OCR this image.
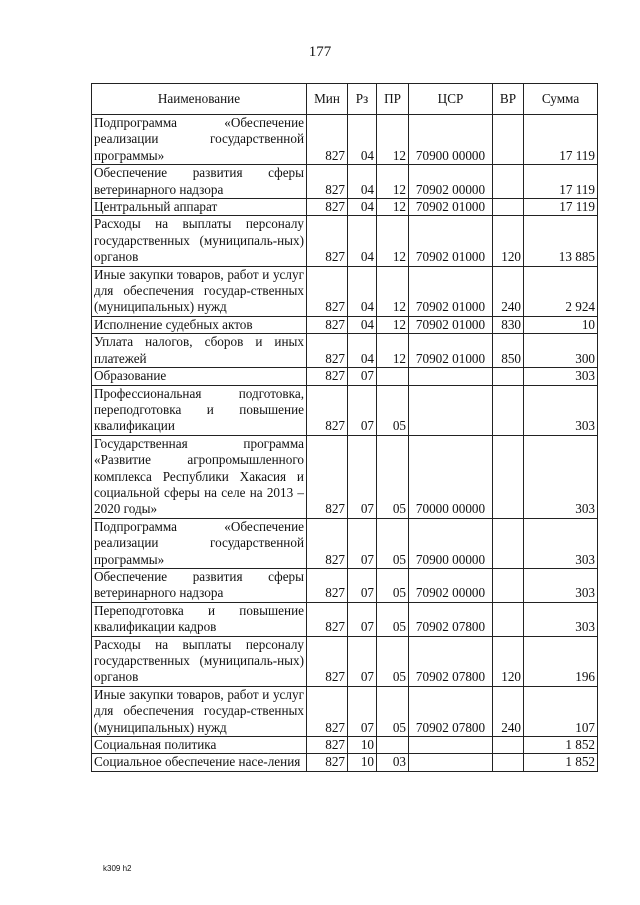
177
Наименование	Мин	Рз	ПР	ЦСР	ВР	Сумма
Подпрограмма «Обеспечение реализации государственной программы»	827	04	12	70900 00000		17 119
Обеспечение развития сферы ветеринарного надзора	827	04	12	70902 00000		17 119
Центральный аппарат	827	04	12	70902 01000		17 119
Расходы на выплаты персоналу государственных (муниципаль-ных) органов	827	04	12	70902 01000	120	13 885
Иные закупки товаров, работ и услуг для обеспечения государ-ственных (муниципальных) нужд	827	04	12	70902 01000	240	2 924
Исполнение судебных актов	827	04	12	70902 01000	830	10
Уплата налогов, сборов и иных платежей	827	04	12	70902 01000	850	300
Образование	827	07				303
Профессиональная подготовка, переподготовка и повышение квалификации	827	07	05			303
Государственная программа «Развитие агропромышленного комплекса Республики Хакасия и социальной сферы на селе на 2013 – 2020 годы»	827	07	05	70000 00000		303
Подпрограмма «Обеспечение реализации государственной программы»	827	07	05	70900 00000		303
Обеспечение развития сферы ветеринарного надзора	827	07	05	70902 00000		303
Переподготовка и повышение квалификации кадров	827	07	05	70902 07800		303
Расходы на выплаты персоналу государственных (муниципаль-ных) органов	827	07	05	70902 07800	120	196
Иные закупки товаров, работ и услуг для обеспечения государ-ственных (муниципальных) нужд	827	07	05	70902 07800	240	107
Социальная политика	827	10				1 852
Социальное обеспечение насе-ления	827	10	03			1 852
k309 h2
